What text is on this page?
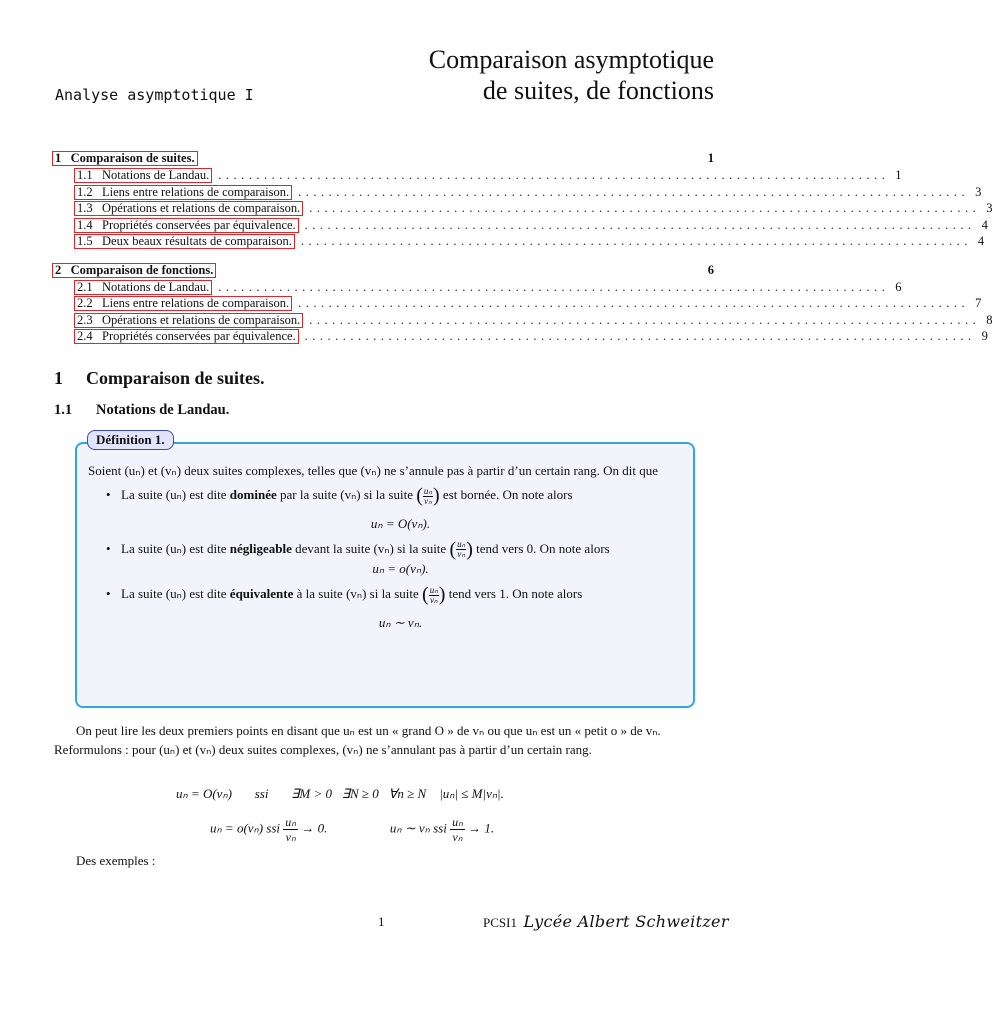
Analyse asymptotique I
Comparaison asymptotique
de suites, de fonctions
1 Comparaison de suites.	1
1.1 Notations de Landau. ........................................................................................ 1
1.2 Liens entre relations de comparaison. ........................................................................................ 3
1.3 Opérations et relations de comparaison. ........................................................................................ 3
1.4 Propriétés conservées par équivalence. ........................................................................................ 4
1.5 Deux beaux résultats de comparaison. ........................................................................................ 4
2 Comparaison de fonctions.	6
2.1 Notations de Landau. ........................................................................................ 6
2.2 Liens entre relations de comparaison. ........................................................................................ 7
2.3 Opérations et relations de comparaison. ........................................................................................ 8
2.4 Propriétés conservées par équivalence. ........................................................................................ 9
1 Comparaison de suites.
1.1 Notations de Landau.
Définition 1.

Soient (uₙ) et (vₙ) deux suites complexes, telles que (vₙ) ne s’annule pas à partir d’un certain rang. On dit que

• La suite (uₙ) est dite dominée par la suite (vₙ) si la suite ( $\frac{\text{uₙ}}{\text{vₙ}}$ ) est bornée. On note alors
uₙ = O(vₙ).
• La suite (uₙ) est dite négligeable devant la suite (vₙ) si la suite ( $\frac{\text{uₙ}}{\text{vₙ}}$ ) tend vers 0. On note alors
uₙ = o(vₙ).
• La suite (uₙ) est dite équivalente à la suite (vₙ) si la suite ( $\frac{\text{uₙ}}{\text{vₙ}}$ ) tend vers 1. On note alors
uₙ ∼ vₙ.
On peut lire les deux premiers points en disant que uₙ est un « grand O » de vₙ ou que uₙ est un « petit o » de vₙ. Reformulons : pour (uₙ) et (vₙ) deux suites complexes, (vₙ) ne s’annulant pas à partir d’un certain rang.
uₙ = O(vₙ)       ssi       ∃M > 0   ∃N ≥ 0   ∀n ≥ N    |uₙ| ≤ M|vₙ|.
uₙ = o(vₙ) ssi $\frac{\text{uₙ}}{\text{vₙ}} \to 0$.	uₙ ∼ vₙ ssi $\frac{\text{uₙ}}{\text{vₙ}} \to 1$.
Des exemples :
1	PCSI1 Lycée Albert Schweitzer
